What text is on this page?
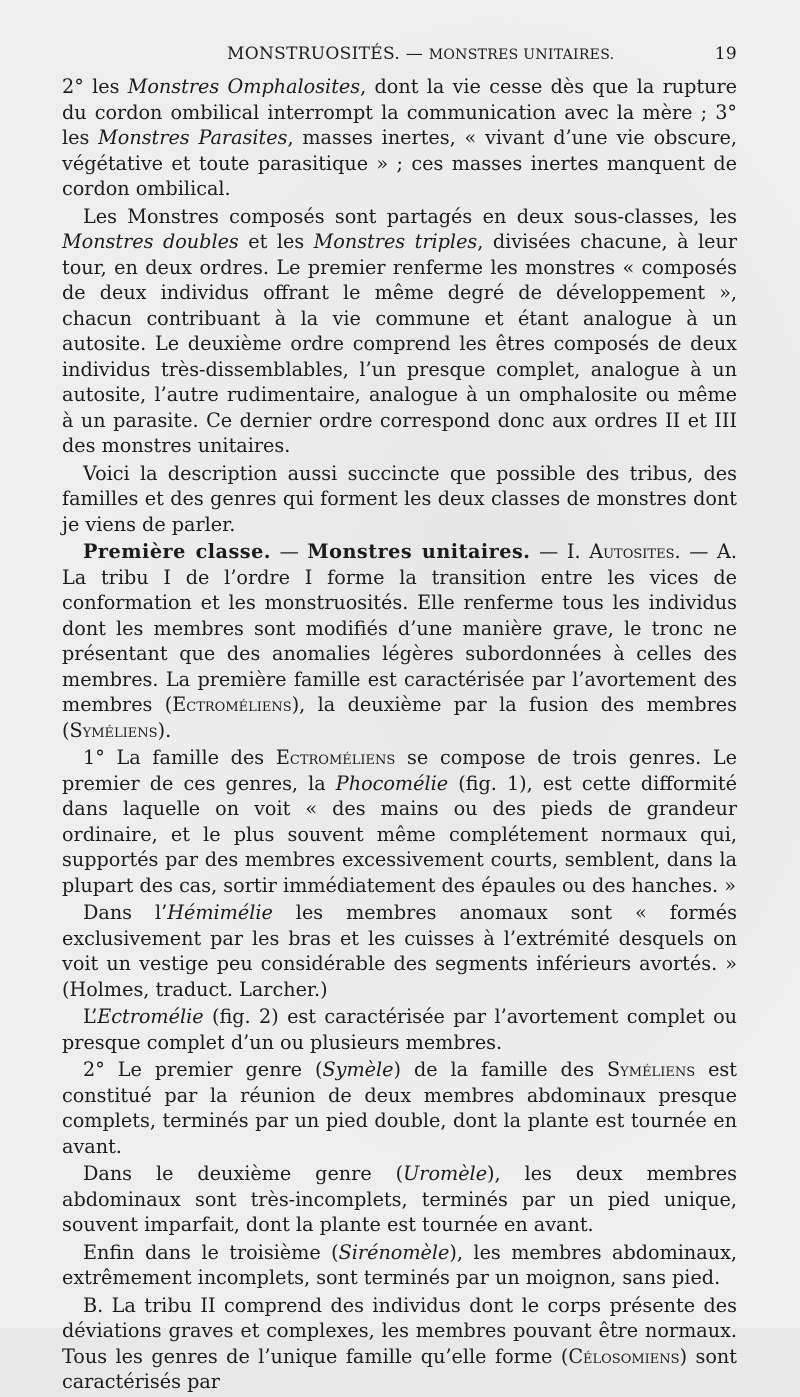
MONSTRUOSITÉS. — MONSTRES UNITAIRES.	19

2° les Monstres Omphalosites, dont la vie cesse dès que la rupture du cordon ombilical interrompt la communication avec la mère ; 3° les Monstres Parasites, masses inertes, « vivant d’une vie obscure, végétative et toute parasitique » ; ces masses inertes manquent de cordon ombilical.

Les Monstres composés sont partagés en deux sous-classes, les Monstres doubles et les Monstres triples, divisées chacune, à leur tour, en deux ordres. Le premier renferme les monstres « composés de deux individus offrant le même degré de développement », chacun contribuant à la vie commune et étant analogue à un autosite. Le deuxième ordre comprend les êtres composés de deux individus très-dissemblables, l’un presque complet, analogue à un autosite, l’autre rudimentaire, analogue à un omphalosite ou même à un parasite. Ce dernier ordre correspond donc aux ordres II et III des monstres unitaires.

Voici la description aussi succincte que possible des tribus, des familles et des genres qui forment les deux classes de monstres dont je viens de parler.

Première classe. — Monstres unitaires. — I. Autosites. — A. La tribu I de l’ordre I forme la transition entre les vices de conformation et les monstruosités. Elle renferme tous les individus dont les membres sont modifiés d’une manière grave, le tronc ne présentant que des anomalies légères subordonnées à celles des membres. La première famille est caractérisée par l’avortement des membres (Ectroméliens), la deuxième par la fusion des membres (Syméliens).

1° La famille des Ectroméliens se compose de trois genres. Le premier de ces genres, la Phocomélie (fig. 1), est cette difformité dans laquelle on voit « des mains ou des pieds de grandeur ordinaire, et le plus souvent même complétement normaux qui, supportés par des membres excessivement courts, semblent, dans la plupart des cas, sortir immédiatement des épaules ou des hanches. »

Dans l’Hémimélie les membres anomaux sont « formés exclusivement par les bras et les cuisses à l’extrémité desquels on voit un vestige peu considérable des segments inférieurs avortés. » (Holmes, traduct. Larcher.)

L’Ectromélie (fig. 2) est caractérisée par l’avortement complet ou presque complet d’un ou plusieurs membres.

2° Le premier genre (Symèle) de la famille des Syméliens est constitué par la réunion de deux membres abdominaux presque complets, terminés par un pied double, dont la plante est tournée en avant.

Dans le deuxième genre (Uromèle), les deux membres abdominaux sont très-incomplets, terminés par un pied unique, souvent imparfait, dont la plante est tournée en avant.

Enfin dans le troisième (Sirénomèle), les membres abdominaux, extrêmement incomplets, sont terminés par un moignon, sans pied.

B. La tribu II comprend des individus dont le corps présente des déviations graves et complexes, les membres pouvant être normaux. Tous les genres de l’unique famille qu’elle forme (Célosomiens) sont caractérisés par
